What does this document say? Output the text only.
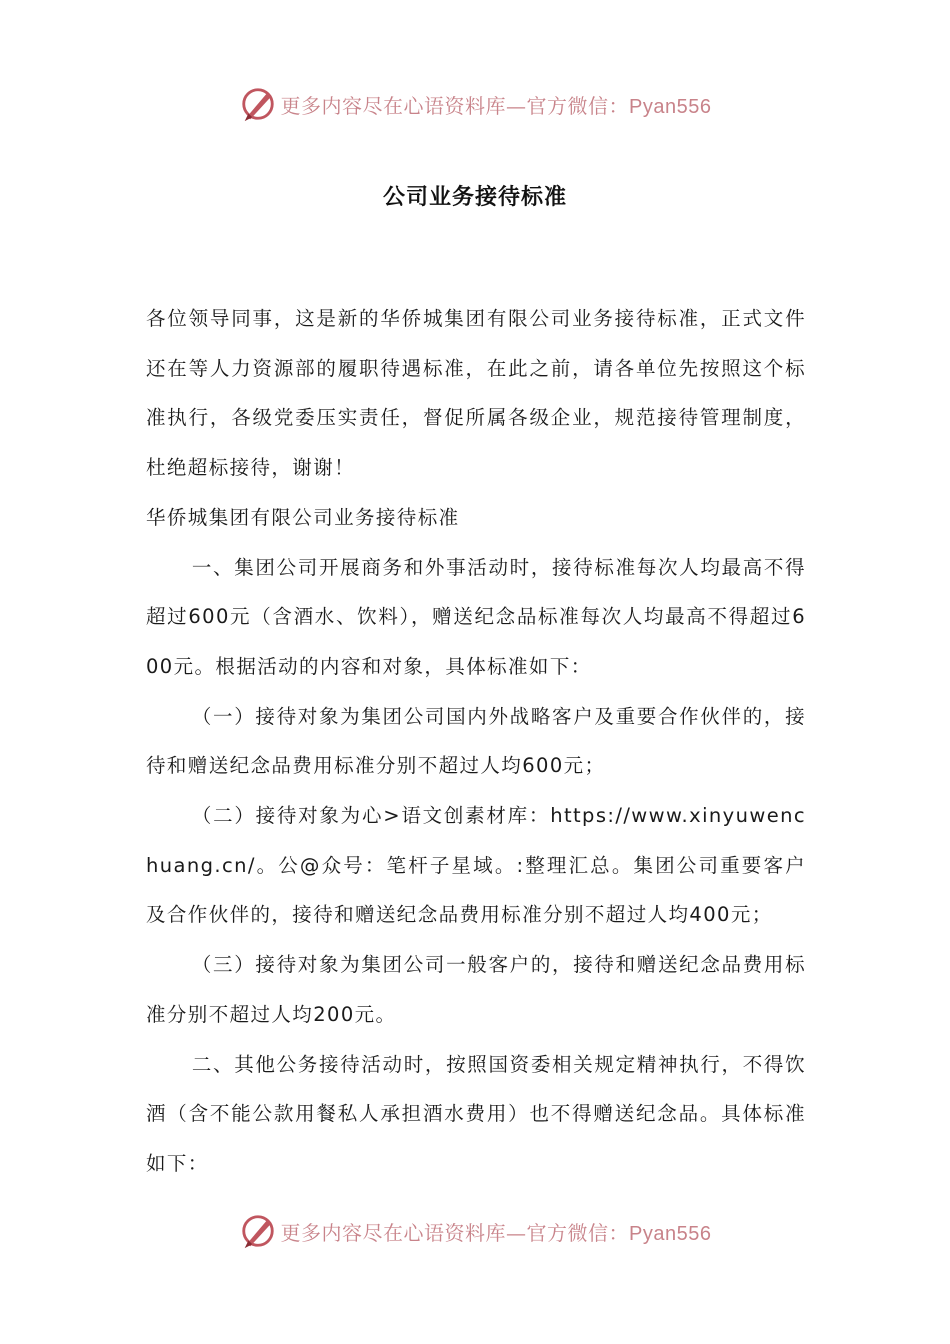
更多内容尽在心语资料库—官方微信：Pyan556
公司业务接待标准

各位领导同事，这是新的华侨城集团有限公司业务接待标准，正式文件还在等人力资源部的履职待遇标准，在此之前，请各单位先按照这个标准执行，各级党委压实责任，督促所属各级企业，规范接待管理制度，杜绝超标接待，谢谢！

华侨城集团有限公司业务接待标准

一、集团公司开展商务和外事活动时，接待标准每次人均最高不得超过600元（含酒水、饮料），赠送纪念品标准每次人均最高不得超过600元。根据活动的内容和对象，具体标准如下：

（一）接待对象为集团公司国内外战略客户及重要合作伙伴的，接待和赠送纪念品费用标准分别不超过人均600元；

（二）接待对象为心>语文创素材库：https://www.xinyuwenchuang.cn/。公@众号：笔杆子星域。:整理汇总。集团公司重要客户及合作伙伴的，接待和赠送纪念品费用标准分别不超过人均400元；

（三）接待对象为集团公司一般客户的，接待和赠送纪念品费用标准分别不超过人均200元。

二、其他公务接待活动时，按照国资委相关规定精神执行，不得饮酒（含不能公款用餐私人承担酒水费用）也不得赠送纪念品。具体标准如下：

更多内容尽在心语资料库—官方微信：Pyan556
